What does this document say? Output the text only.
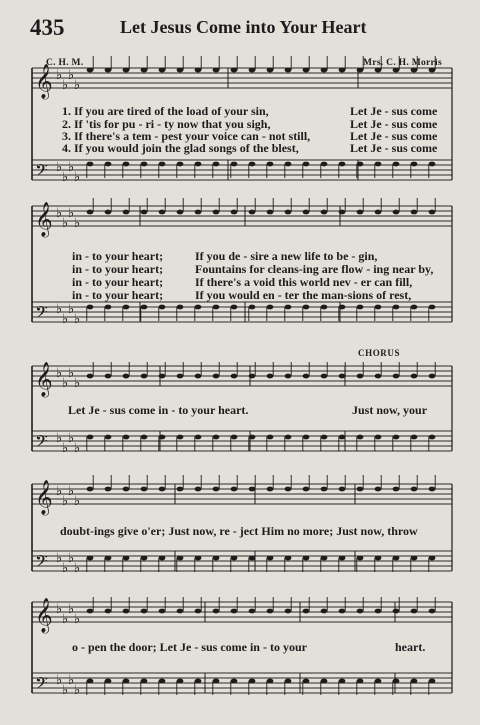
435	Let Jesus Come into Your Heart
C. H. M.	Mrs. C. H. Morris
𝄞 ♭
♭
♭
♭
𝄢 ♭
♭
♭
♭
𝄞 ♭
♭
♭
♭
𝄢 ♭
♭
♭
♭
𝄞 ♭
♭
♭
♭
𝄢 ♭
♭
♭
♭
𝄞 ♭
♭
♭
♭
𝄢 ♭
♭
♭
♭
𝄞 ♭
♭
♭
♭
𝄢 ♭
♭
♭
♭
1. If you are tired of the load of your sin,	Let Je - sus come
2. If 'tis for pu - ri - ty now that you sigh,	Let Je - sus come
3. If there's a tem - pest your voice can - not still,	Let Je - sus come
4. If you would join the glad songs of the blest,	Let Je - sus come
in - to your heart;	If you de - sire a new life to be - gin,
in - to your heart;	Fountains for cleans-ing are flow - ing near by,
in - to your heart;	If there's a void this world nev - er can fill,
in - to your heart;	If you would en - ter the man-sions of rest,
CHORUS
Let Je - sus come in - to your heart.	Just now, your
doubt-ings give o'er; Just now, re - ject Him no more; Just now, throw
o - pen the door; Let Je - sus come in - to your	heart.
